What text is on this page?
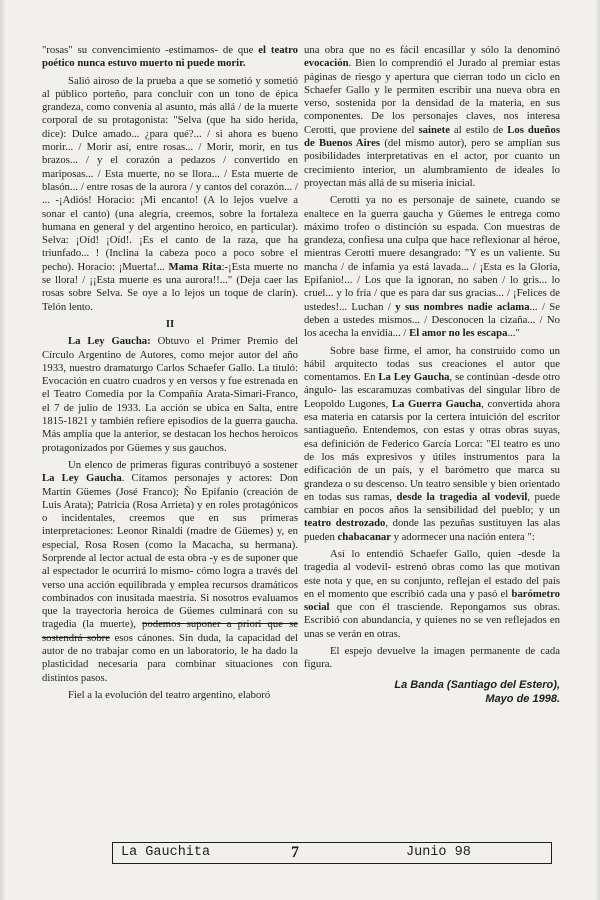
"rosas" su convencimiento -estimamos- de que el teatro poético nunca estuvo muerto ni puede morir.

Salió airoso de la prueba a que se sometió y sometió al público porteño, para concluir con un tono de épica grandeza, como convenía al asunto, más allá / de la muerte corporal de su protagonista: "Selva (que ha sido herida, dice): Dulce amado... ¿para qué?... / si ahora es bueno morir... / Morir así, entre rosas... / Morir, morir, en tus brazos... / y el corazón a pedazos / convertido en mariposas... / Esta muerte, no se llora... / Esta muerte de blasón... / entre rosas de la aurora / y cantos del corazón... / ... -¡Adiós! Horacio: ¡Mi encanto! (A lo lejos vuelve a sonar el canto) (una alegría, creemos, sobre la fortaleza humana en general y del argentino heroico, en particular). Selva: ¡Oíd! ¡Oíd!. ¡Es el canto de la raza, que ha triunfado... ! (Inclina la cabeza poco a poco sobre el pecho). Horacio: ¡Muerta!... Mama Rita:-¡Esta muerte no se llora! / ¡¡Esta muerte es una aurora!!..." (Deja caer las rosas sobre Selva. Se oye a lo lejos un toque de clarín). Telón lento.

II

La Ley Gaucha: Obtuvo el Primer Premio del Círculo Argentino de Autores, como mejor autor del año 1933, nuestro dramaturgo Carlos Schaefer Gallo. La tituló: Evocación en cuatro cuadros y en versos y fue estrenada en el Teatro Comedia por la Compañía Arata-Simari-Franco, el 7 de julio de 1933. La acción se ubica en Salta, entre 1815-1821 y también refiere episodios de la guerra gaucha. Más amplia que la anterior, se destacan los hechos heroicos protagonizados por Güemes y sus gauchos.

Un elenco de primeras figuras contribuyó a sostener La Ley Gaucha. Citamos personajes y actores: Don Martín Güemes (José Franco); Ño Epifanio (creación de Luis Arata); Patricia (Rosa Arrieta) y en roles protagónicos o incidentales, creemos que en sus primeras interpretaciones: Leonor Rinaldi (madre de Güemes) y, en especial, Rosa Rosen (como la Macacha, su hermana). Sorprende al lector actual de esta obra -y es de suponer que al espectador le ocurrirá lo mismo- cómo logra a través del verso una acción equilibrada y emplea recursos dramáticos combinados con inusitada maestría. Si nosotros evaluamos que la trayectoria heroica de Güemes culminará con su tragedia (la muerte), podemos suponer a priori que se sostendrá sobre esos cánones. Sin duda, la capacidad del autor de no trabajar como en un laboratorio, le ha dado la plasticidad necesaria para combinar situaciones con distintos pasos.

Fiel a la evolución del teatro argentino, elaboró

una obra que no es fácil encasillar y sólo la denominó evocación. Bien lo comprendió el Jurado al premiar estas páginas de riesgo y apertura que cierran todo un ciclo en Schaefer Gallo y le permiten escribir una nueva obra en verso, sostenida por la densidad de la materia, en sus componentes. De los personajes claves, nos interesa Cerotti, que proviene del sainete al estilo de Los dueños de Buenos Aires (del mismo autor), pero se amplían sus posibilidades interpretativas en el actor, por cuanto un crecimiento interior, un alumbramiento de ideales lo proyectan más allá de su miseria inicial.

Cerotti ya no es personaje de sainete, cuando se enaltece en la guerra gaucha y Güemes le entrega como máximo trofeo o distinción su espada. Con muestras de grandeza, confiesa una culpa que hace reflexionar al héroe, mientras Cerotti muere desangrado: "Y es un valiente. Su mancha / de infamia ya está lavada... / ¡Esta es la Gloria, Epifanio!... / Los que la ignoran, no saben / lo gris... lo cruel... y lo fría / que es para dar sus gracias... / ¡Felices de ustedes!... Luchan / y sus nombres nadie aclama... / Se deben a ustedes mismos... / Desconocen la cizaña... / No los acecha la envidia... / El amor no les escapa..."

Sobre base firme, el amor, ha construido como un hábil arquitecto todas sus creaciones el autor que comentamos. En La Ley Gaucha, se continúan -desde otro ángulo- las escaramuzas combativas del singular libro de Leopoldo Lugones, La Guerra Gaucha, convertida ahora esa materia en catarsis por la certera intuición del escritor santiagueño. Entendemos, con estas y otras obras suyas, esa definición de Federico García Lorca: "El teatro es uno de los más expresivos y útiles instrumentos para la edificación de un país, y el barómetro que marca su grandeza o su descenso. Un teatro sensible y bien orientado en todas sus ramas, desde la tragedia al vodevil, puede cambiar en pocos años la sensibilidad del pueblo; y un teatro destrozado, donde las pezuñas sustituyen las alas pueden chabacanar y adormecer una nación entera ":

Así lo entendió Schaefer Gallo, quien -desde la tragedia al vodevil- estrenó obras como las que motivan este nota y que, en su conjunto, reflejan el estado del país en el momento que escribió cada una y pasó el barómetro social que con él trasciende. Repongamos sus obras. Escribió con abundancia, y quienes no se ven reflejados en unas se verán en otras.

El espejo devuelve la imagen permanente de cada figura.

La Banda (Santiago del Estero),
Mayo de 1998.
La Gauchita	7	Junio 98
